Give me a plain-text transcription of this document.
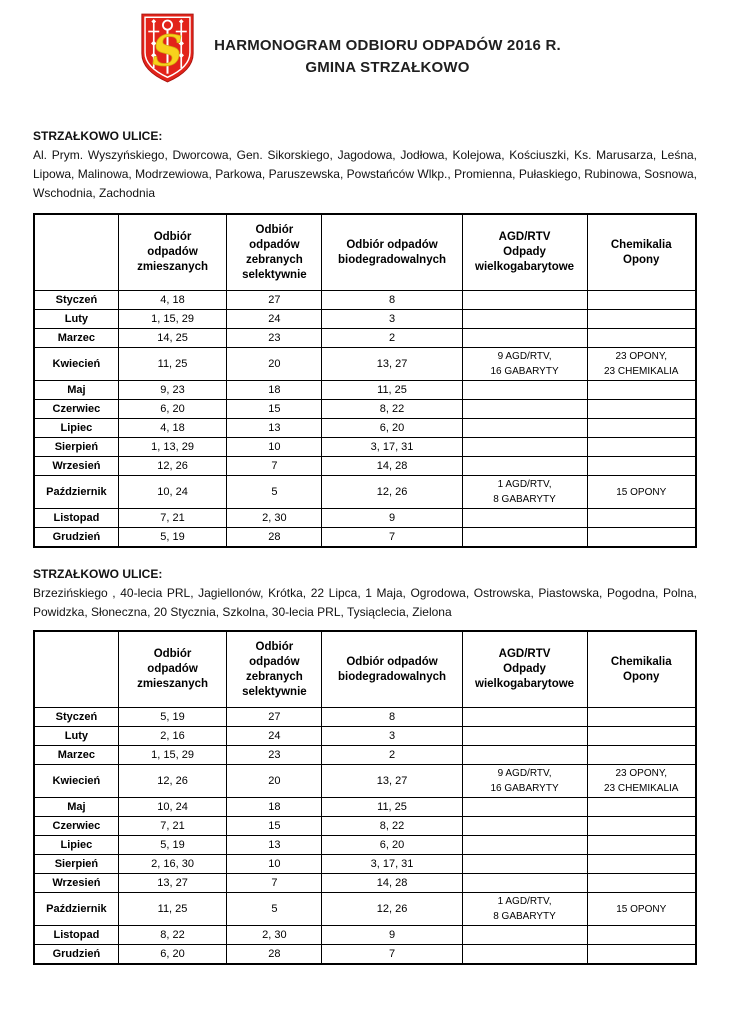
S	HARMONOGRAM ODBIORU ODPADÓW 2016 R.
GMINA STRZAŁKOWO

STRZAŁKOWO ULICE:

Al. Prym. Wyszyńskiego, Dworcowa, Gen. Sikorskiego, Jagodowa, Jodłowa, Kolejowa, Kościuszki, Ks. Marusarza, Leśna, Lipowa, Malinowa, Modrzewiowa, Parkowa, Paruszewska, Powstańców Wlkp., Promienna, Pułaskiego, Rubinowa, Sosnowa, Wschodnia, Zachodnia

	Odbiór
odpadów
zmieszanych	Odbiór
odpadów
zebranych
selektywnie	Odbiór odpadów
biodegradowalnych	AGD/RTV
Odpady
wielkogabarytowe	Chemikalia
Opony
Styczeń	4, 18	27	8		
Luty	1, 15, 29	24	3		
Marzec	14, 25	23	2		
Kwiecień	11, 25	20	13, 27	9 AGD/RTV,
16 GABARYTY	23 OPONY,
23 CHEMIKALIA
Maj	9, 23	18	11, 25		
Czerwiec	6, 20	15	8, 22		
Lipiec	4, 18	13	6, 20		
Sierpień	1, 13, 29	10	3, 17, 31		
Wrzesień	12, 26	7	14, 28		
Październik	10, 24	5	12, 26	1 AGD/RTV,
8 GABARYTY	15 OPONY
Listopad	7, 21	2, 30	9		
Grudzień	5, 19	28	7		

STRZAŁKOWO ULICE:

Brzezińskiego , 40-lecia PRL, Jagiellonów, Krótka, 22 Lipca, 1 Maja, Ogrodowa, Ostrowska, Piastowska, Pogodna, Polna, Powidzka, Słoneczna, 20 Stycznia, Szkolna, 30-lecia PRL, Tysiąclecia, Zielona

	Odbiór
odpadów
zmieszanych	Odbiór
odpadów
zebranych
selektywnie	Odbiór odpadów
biodegradowalnych	AGD/RTV
Odpady
wielkogabarytowe	Chemikalia
Opony
Styczeń	5, 19	27	8		
Luty	2, 16	24	3		
Marzec	1, 15, 29	23	2		
Kwiecień	12, 26	20	13, 27	9 AGD/RTV,
16 GABARYTY	23 OPONY,
23 CHEMIKALIA
Maj	10, 24	18	11, 25		
Czerwiec	7, 21	15	8, 22		
Lipiec	5, 19	13	6, 20		
Sierpień	2, 16, 30	10	3, 17, 31		
Wrzesień	13, 27	7	14, 28		
Październik	11, 25	5	12, 26	1 AGD/RTV,
8 GABARYTY	15 OPONY
Listopad	8, 22	2, 30	9		
Grudzień	6, 20	28	7		
